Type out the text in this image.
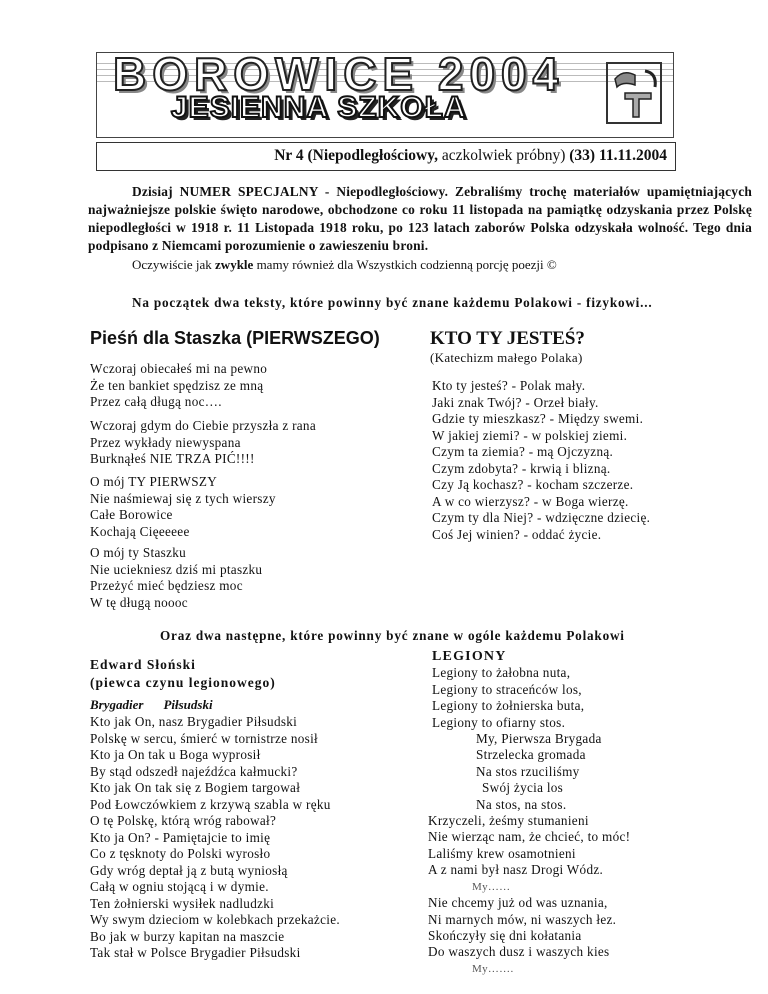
BOROWICE 2004
JESIENNA SZKOŁA
Nr 4 (Niepodległościowy, aczkolwiek próbny) (33) 11.11.2004
Dzisiaj NUMER SPECJALNY - Niepodległościowy. Zebraliśmy trochę materiałów upamiętniających najważniejsze polskie święto narodowe, obchodzone co roku 11 listopada na pamiątkę odzyskania przez Polskę niepodległości w 1918 r. 11 Listopada 1918 roku, po 123 latach zaborów Polska odzyskała wolność. Tego dnia podpisano z Niemcami porozumienie o zawieszeniu broni.
Oczywiście jak zwykle mamy również dla Wszystkich codzienną porcję poezji ©
Na początek dwa teksty, które powinny być znane każdemu Polakowi - fizykowi...
Pieśń dla Staszka (PIERWSZEGO)
Wczoraj obiecałeś mi na pewno
Że ten bankiet spędzisz ze mną
Przez całą długą noc….
Wczoraj gdym do Ciebie przyszła z rana
Przez wykłady niewyspana
Burknąłeś NIE TRZA PIĆ!!!!
O mój TY PIERWSZY
Nie naśmiewaj się z tych wierszy
Całe Borowice
Kochają Cięeeeee
O mój ty Staszku
Nie uciekniesz dziś mi ptaszku
Przeżyć mieć będziesz moc
W tę długą noooc
KTO TY JESTEŚ?
(Katechizm małego Polaka)
Kto ty jesteś? - Polak mały.
Jaki znak Twój? - Orzeł biały.
Gdzie ty mieszkasz? - Między swemi.
W jakiej ziemi? - w polskiej ziemi.
Czym ta ziemia? - mą Ojczyzną.
Czym zdobyta? - krwią i blizną.
Czy Ją kochasz? - kocham szczerze.
A w co wierzysz? - w Boga wierzę.
Czym ty dla Niej? - wdzięczne dziecię.
Coś Jej winien? - oddać życie.
Oraz dwa następne, które powinny być znane w ogóle każdemu Polakowi
Edward Słoński
(piewca czynu legionowego)
Brygadier Piłsudski
Kto jak On, nasz Brygadier Piłsudski
Polskę w sercu, śmierć w tornistrze nosił
Kto ja On tak u Boga wyprosił
By stąd odszedł najeźdźca kałmucki?
Kto jak On tak się z Bogiem targował
Pod Łowczówkiem z krzywą szabla w ręku
O tę Polskę, którą wróg rabował?
Kto ja On? - Pamiętajcie to imię
Co z tęsknoty do Polski wyrosło
Gdy wróg deptał ją z butą wyniosłą
Całą w ogniu stojącą i w dymie.
Ten żołnierski wysiłek nadludzki
Wy swym dzieciom w kolebkach przekażcie.
Bo jak w burzy kapitan na maszcie
Tak stał w Polsce Brygadier Piłsudski
LEGIONY
Legiony to żałobna nuta,
Legiony to straceńców los,
Legiony to żołnierska buta,
Legiony to ofiarny stos.
My, Pierwsza Brygada
Strzelecka gromada
Na stos rzuciliśmy
Swój życia los
Na stos, na stos.
Krzyczeli, żeśmy stumanieni
Nie wierząc nam, że chcieć, to móc!
Laliśmy krew osamotnieni
A z nami był nasz Drogi Wódz.
My……
Nie chcemy już od was uznania,
Ni marnych mów, ni waszych łez.
Skończyły się dni kołatania
Do waszych dusz i waszych kies
My…….
